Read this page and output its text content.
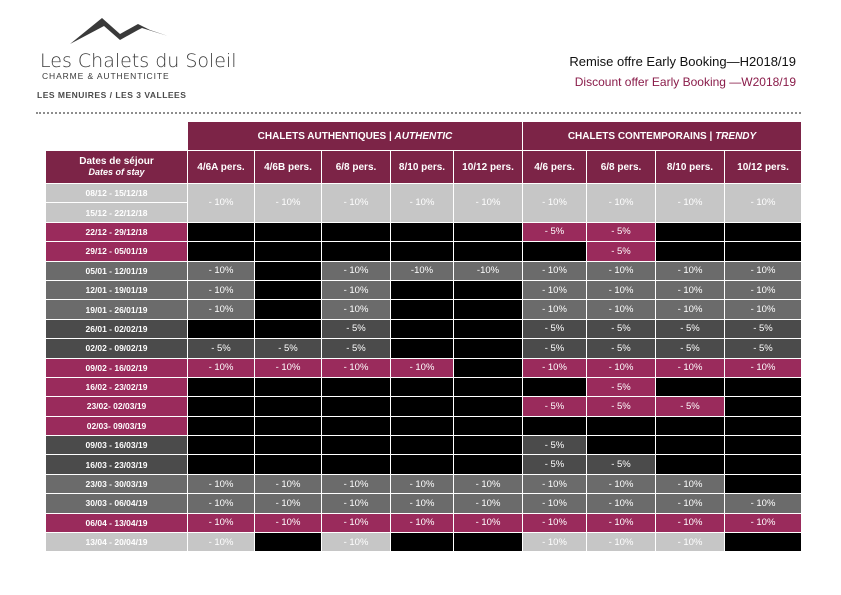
Les Chalets du Soleil
CHARME & AUTHENTICITE
LES MENUIRES / LES 3 VALLEES
Remise offre Early Booking—H2018/19
Discount offer Early Booking —W2018/19
	CHALETS AUTHENTIQUES | AUTHENTIC					CHALETS CONTEMPORAINS | TRENDY			

Dates de séjour
Dates of stay	4/6A pers.	4/6B pers.	6/8 pers.	8/10 pers.	10/12 pers.	4/6 pers.	6/8 pers.	8/10 pers.	10/12 pers.
08/12 - 15/12/18	- 10%	- 10%	- 10%	- 10%	- 10%	- 10%	- 10%	- 10%	- 10%
15/12 - 22/12/18									
22/12 - 29/12/18						- 5%	- 5%		
29/12 - 05/01/19							- 5%		
05/01 - 12/01/19	- 10%		- 10%	-10%	-10%	- 10%	- 10%	- 10%	- 10%
12/01 - 19/01/19	- 10%		- 10%			- 10%	- 10%	- 10%	- 10%
19/01 - 26/01/19	- 10%		- 10%			- 10%	- 10%	- 10%	- 10%
26/01 - 02/02/19			- 5%			- 5%	- 5%	- 5%	- 5%
02/02 - 09/02/19	- 5%	- 5%	- 5%			- 5%	- 5%	- 5%	- 5%
09/02 - 16/02/19	- 10%	- 10%	- 10%	- 10%		- 10%	- 10%	- 10%	- 10%
16/02 - 23/02/19							- 5%		
23/02- 02/03/19						- 5%	- 5%	- 5%	
02/03- 09/03/19									
09/03 - 16/03/19						- 5%			
16/03 - 23/03/19						- 5%	- 5%		
23/03 - 30/03/19	- 10%	- 10%	- 10%	- 10%	- 10%	- 10%	- 10%	- 10%	
30/03 - 06/04/19	- 10%	- 10%	- 10%	- 10%	- 10%	- 10%	- 10%	- 10%	- 10%
06/04 - 13/04/19	- 10%	- 10%	- 10%	- 10%	- 10%	- 10%	- 10%	- 10%	- 10%
13/04 - 20/04/19	- 10%		- 10%			- 10%	- 10%	- 10%	
